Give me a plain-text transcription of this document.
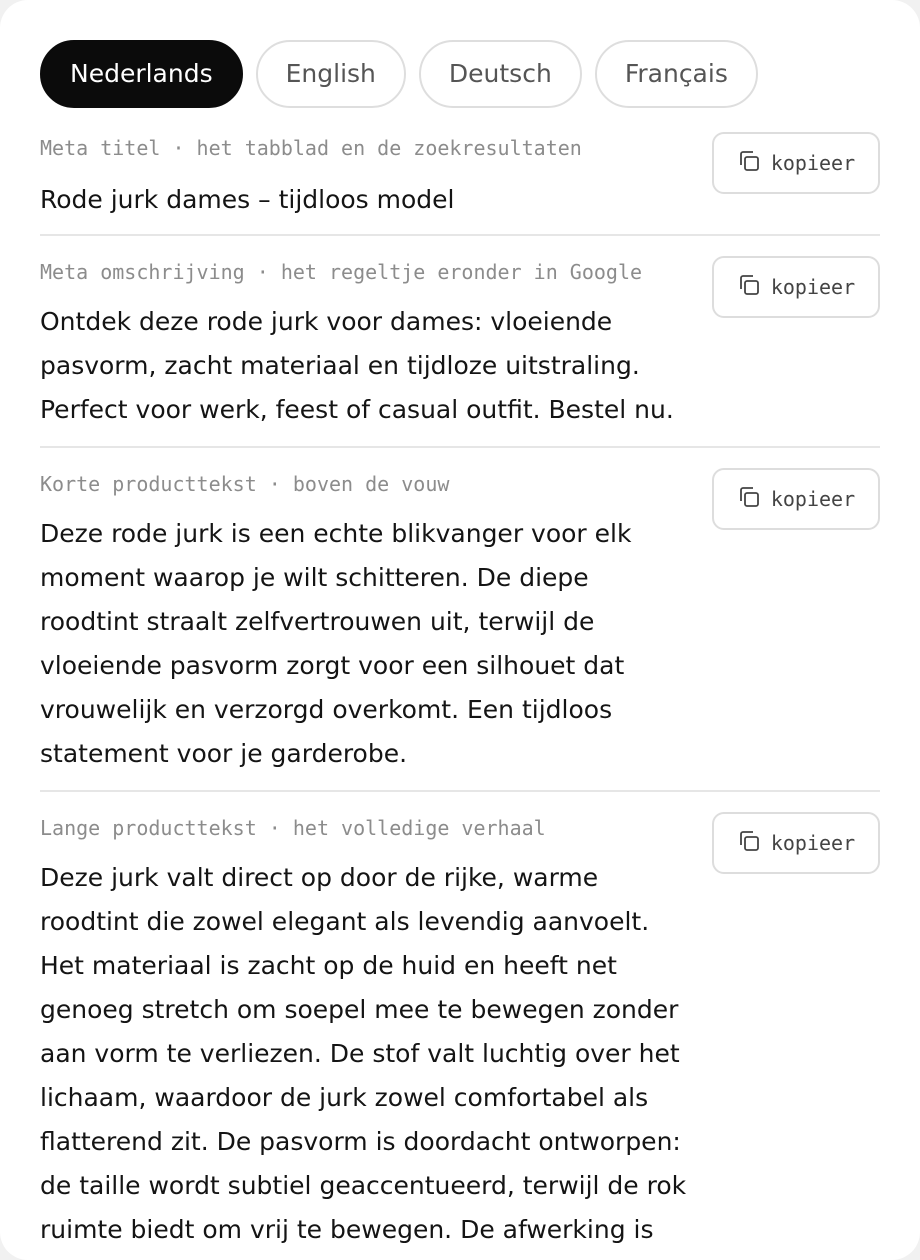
Nederlands	English	Deutsch	Français
Meta titel · het tabblad en de zoekresultaten
Rode jurk dames – tijdloos model
kopieer
Meta omschrijving · het regeltje eronder in Google
Ontdek deze rode jurk voor dames: vloeiende pasvorm, zacht materiaal en tijdloze uitstraling. Perfect voor werk, feest of casual outfit. Bestel nu.
kopieer
Korte producttekst · boven de vouw
Deze rode jurk is een echte blikvanger voor elk moment waarop je wilt schitteren. De diepe roodtint straalt zelfvertrouwen uit, terwijl de vloeiende pasvorm zorgt voor een silhouet dat vrouwelijk en verzorgd overkomt. Een tijdloos statement voor je garderobe.
kopieer
Lange producttekst · het volledige verhaal
Deze jurk valt direct op door de rijke, warme roodtint die zowel elegant als levendig aanvoelt. Het materiaal is zacht op de huid en heeft net genoeg stretch om soepel mee te bewegen zonder aan vorm te verliezen. De stof valt luchtig over het lichaam, waardoor de jurk zowel comfortabel als flatterend zit. De pasvorm is doordacht ontworpen: de taille wordt subtiel geaccentueerd, terwijl de rok ruimte biedt om vrij te bewegen. De afwerking is
kopieer
